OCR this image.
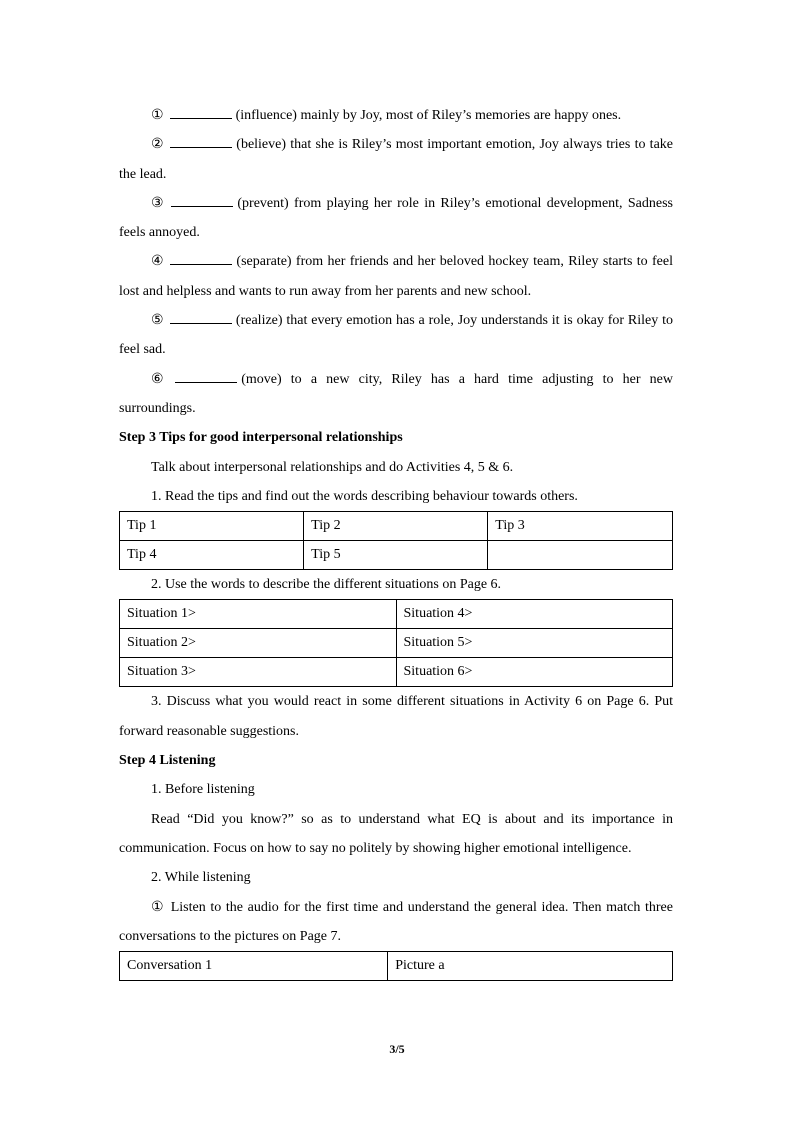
①	(influence) mainly by Joy, most of Riley’s memories are happy ones.

②	(believe) that she is Riley’s most important emotion, Joy always tries to take the lead.

③	(prevent) from playing her role in Riley’s emotional development, Sadness feels annoyed.

④	(separate) from her friends and her beloved hockey team, Riley starts to feel lost and helpless and wants to run away from her parents and new school.

⑤	(realize) that every emotion has a role, Joy understands it is okay for Riley to feel sad.

⑥	(move) to a new city, Riley has a hard time adjusting to her new surroundings.

Step 3 Tips for good interpersonal relationships

Talk about interpersonal relationships and do Activities 4, 5 & 6.

1. Read the tips and find out the words describing behaviour towards others.

Tip 1	Tip 2	Tip 3
Tip 4	Tip 5	

2. Use the words to describe the different situations on Page 6.

Situation 1>	Situation 4>
Situation 2>	Situation 5>
Situation 3>	Situation 6>

3. Discuss what you would react in some different situations in Activity 6 on Page 6. Put forward reasonable suggestions.

Step 4 Listening

1. Before listening

Read “Did you know?” so as to understand what EQ is about and its importance in communication. Focus on how to say no politely by showing higher emotional intelligence.

2. While listening

① Listen to the audio for the first time and understand the general idea. Then match three conversations to the pictures on Page 7.

Conversation 1	Picture a
3/5
